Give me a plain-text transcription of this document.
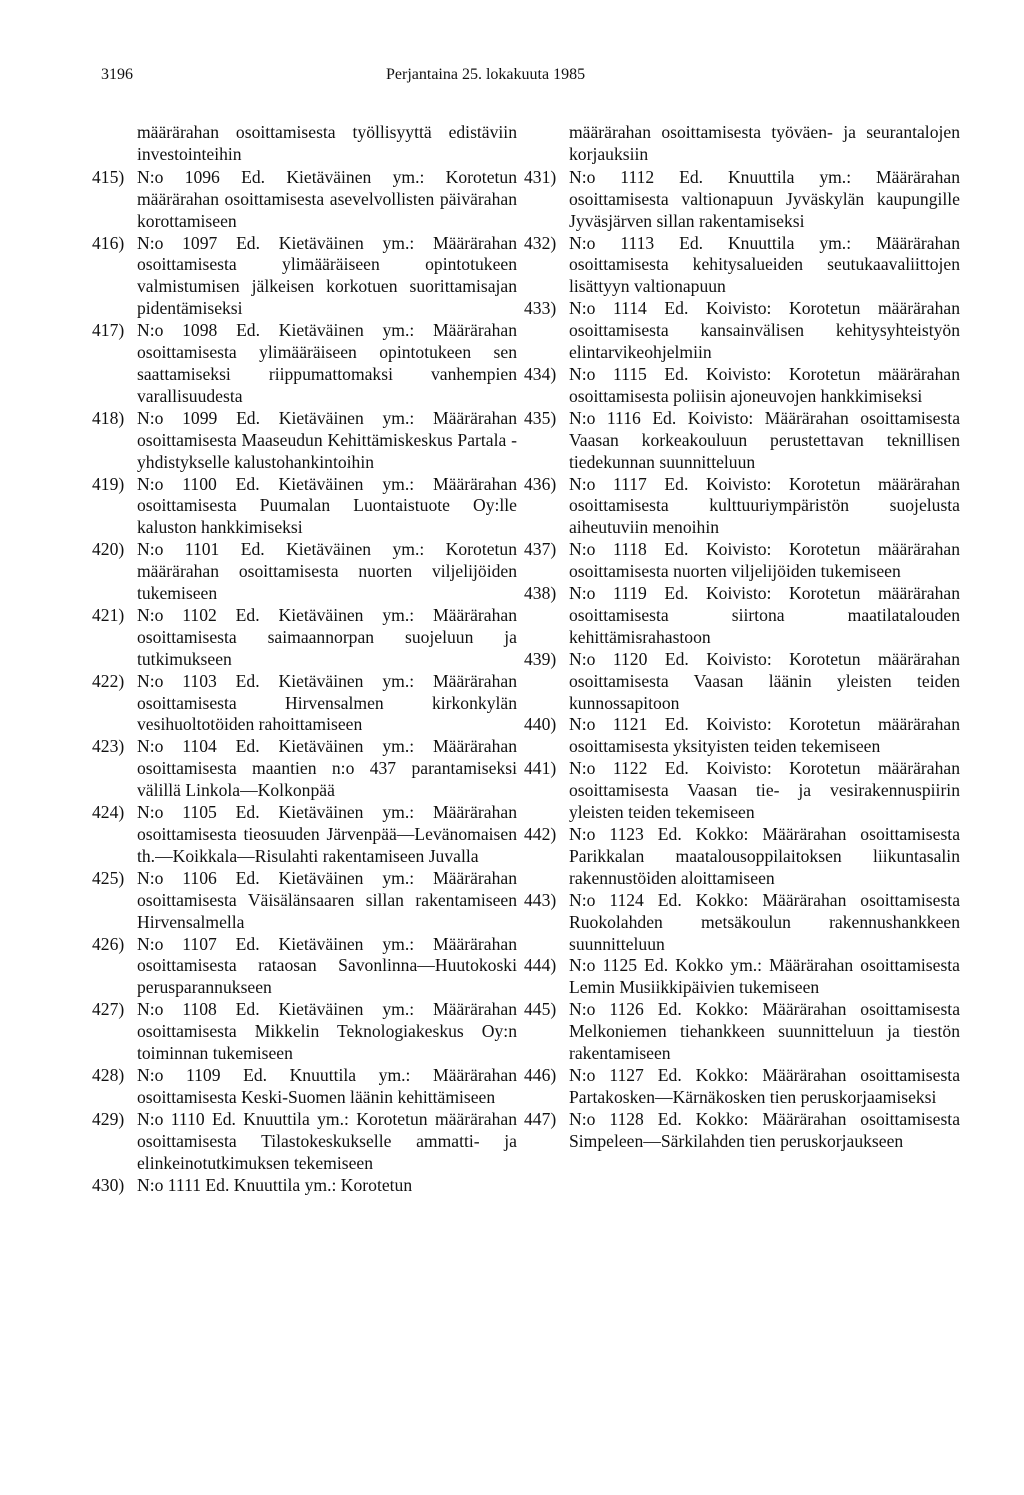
3196	Perjantaina 25. lokakuuta 1985

määrärahan osoittamisesta työllisyyttä edistäviin investointeihin

415) N:o 1096 Ed. Kietäväinen ym.: Korotetun määrärahan osoittamisesta asevelvollisten päivärahan korottamiseen

416) N:o 1097 Ed. Kietäväinen ym.: Määrärahan osoittamisesta ylimääräiseen opintotukeen valmistumisen jälkeisen korkotuen suorittamisajan pidentämiseksi

417) N:o 1098 Ed. Kietäväinen ym.: Määrärahan osoittamisesta ylimääräiseen opintotukeen sen saattamiseksi riippumattomaksi vanhempien varallisuudesta

418) N:o 1099 Ed. Kietäväinen ym.: Määrärahan osoittamisesta Maaseudun Kehittämiskeskus Partala -yhdistykselle kalustohankintoihin

419) N:o 1100 Ed. Kietäväinen ym.: Määrärahan osoittamisesta Puumalan Luontaistuote Oy:lle kaluston hankkimiseksi

420) N:o 1101 Ed. Kietäväinen ym.: Korotetun määrärahan osoittamisesta nuorten viljelijöiden tukemiseen

421) N:o 1102 Ed. Kietäväinen ym.: Määrärahan osoittamisesta saimaannorpan suojeluun ja tutkimukseen

422) N:o 1103 Ed. Kietäväinen ym.: Määrärahan osoittamisesta Hirvensalmen kirkonkylän vesihuoltotöiden rahoittamiseen

423) N:o 1104 Ed. Kietäväinen ym.: Määrärahan osoittamisesta maantien n:o 437 parantamiseksi välillä Linkola—Kolkonpää

424) N:o 1105 Ed. Kietäväinen ym.: Määrärahan osoittamisesta tieosuuden Järvenpää—Levänomaisen th.—Koikkala—Risulahti rakentamiseen Juvalla

425) N:o 1106 Ed. Kietäväinen ym.: Määrärahan osoittamisesta Väisälänsaaren sillan rakentamiseen Hirvensalmella

426) N:o 1107 Ed. Kietäväinen ym.: Määrärahan osoittamisesta rataosan Savonlinna—Huutokoski perusparannukseen

427) N:o 1108 Ed. Kietäväinen ym.: Määrärahan osoittamisesta Mikkelin Teknologiakeskus Oy:n toiminnan tukemiseen

428) N:o 1109 Ed. Knuuttila ym.: Määrärahan osoittamisesta Keski-Suomen läänin kehittämiseen

429) N:o 1110 Ed. Knuuttila ym.: Korotetun määrärahan osoittamisesta Tilastokeskukselle ammatti- ja elinkeinotutkimuksen tekemiseen

430) N:o 1111 Ed. Knuuttila ym.: Korotetun

määrärahan osoittamisesta työväen- ja seurantalojen korjauksiin

431) N:o 1112 Ed. Knuuttila ym.: Määrärahan osoittamisesta valtionapuun Jyväskylän kaupungille Jyväsjärven sillan rakentamiseksi

432) N:o 1113 Ed. Knuuttila ym.: Määrärahan osoittamisesta kehitysalueiden seutukaavaliittojen lisättyyn valtionapuun

433) N:o 1114 Ed. Koivisto: Korotetun määrärahan osoittamisesta kansainvälisen kehitysyhteistyön elintarvikeohjelmiin

434) N:o 1115 Ed. Koivisto: Korotetun määrärahan osoittamisesta poliisin ajoneuvojen hankkimiseksi

435) N:o 1116 Ed. Koivisto: Määrärahan osoittamisesta Vaasan korkeakouluun perustettavan teknillisen tiedekunnan suunnitteluun

436) N:o 1117 Ed. Koivisto: Korotetun määrärahan osoittamisesta kulttuuriympäristön suojelusta aiheutuviin menoihin

437) N:o 1118 Ed. Koivisto: Korotetun määrärahan osoittamisesta nuorten viljelijöiden tukemiseen

438) N:o 1119 Ed. Koivisto: Korotetun määrärahan osoittamisesta siirtona maatilatalouden kehittämisrahastoon

439) N:o 1120 Ed. Koivisto: Korotetun määrärahan osoittamisesta Vaasan läänin yleisten teiden kunnossapitoon

440) N:o 1121 Ed. Koivisto: Korotetun määrärahan osoittamisesta yksityisten teiden tekemiseen

441) N:o 1122 Ed. Koivisto: Korotetun määrärahan osoittamisesta Vaasan tie- ja vesirakennuspiirin yleisten teiden tekemiseen

442) N:o 1123 Ed. Kokko: Määrärahan osoittamisesta Parikkalan maatalousoppilaitoksen liikuntasalin rakennustöiden aloittamiseen

443) N:o 1124 Ed. Kokko: Määrärahan osoittamisesta Ruokolahden metsäkoulun rakennushankkeen suunnitteluun

444) N:o 1125 Ed. Kokko ym.: Määrärahan osoittamisesta Lemin Musiikkipäivien tukemiseen

445) N:o 1126 Ed. Kokko: Määrärahan osoittamisesta Melkoniemen tiehankkeen suunnitteluun ja tiestön rakentamiseen

446) N:o 1127 Ed. Kokko: Määrärahan osoittamisesta Partakosken—Kärnäkosken tien peruskorjaamiseksi

447) N:o 1128 Ed. Kokko: Määrärahan osoittamisesta Simpeleen—Särkilahden tien peruskorjaukseen
